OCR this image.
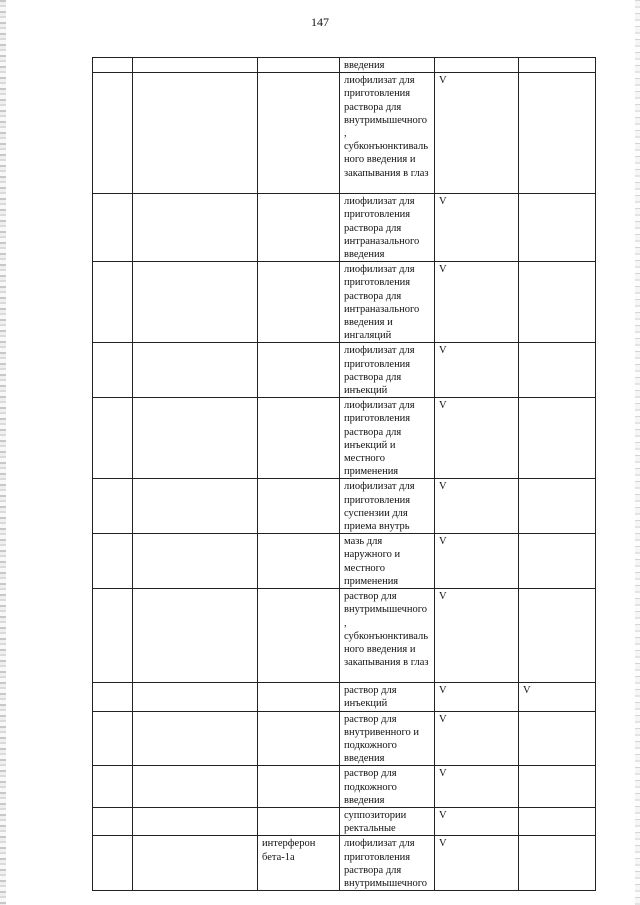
147
			введения		
			лиофилизат для приготовления раствора для внутримышечного , субконъюнктивального введения и закапывания в глаз	V	
			лиофилизат для приготовления раствора для интраназального введения	V	
			лиофилизат для приготовления раствора для интраназального введения и ингаляций	V	
			лиофилизат для приготовления раствора для инъекций	V	
			лиофилизат для приготовления раствора для инъекций и местного применения	V	
			лиофилизат для приготовления суспензии для приема внутрь	V	
			мазь для наружного и местного применения	V	
			раствор для внутримышечного , субконъюнктивального введения и закапывания в глаз	V	
			раствор для инъекций	V	V
			раствор для внутривенного и подкожного введения	V	
			раствор для подкожного введения	V	
			суппозитории ректальные	V	
		интерферон бета-1a	лиофилизат для приготовления раствора для внутримышечного	V	
